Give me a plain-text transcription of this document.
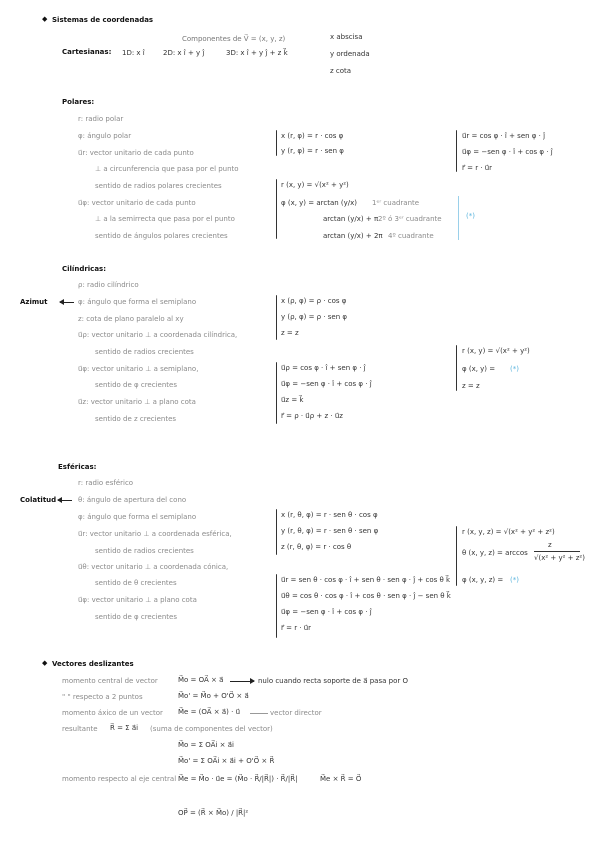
◆ Sistemas de coordenadas
Componentes de V⃗ = (x, y, z)
Cartesianas: 1D: x î	2D: x î + y ĵ	3D: x î + y ĵ + z k⃗
x abscisa
y ordenada
z cota
Polares:
r: radio polar
φ: ángulo polar
u⃗r: vector unitario de cada punto
⊥ a circunferencia que pasa por el punto
sentido de radios polares crecientes
u⃗φ: vector unitario de cada punto
⊥ a la semirrecta que pasa por el punto
sentido de ángulos polares crecientes
x (r, φ) = r · cos φ
y (r, φ) = r · sen φ
r (x, y) = √(x² + y²)
φ (x, y) = arctan (y/x) 1ᵉʳ cuadrante
arctan (y/x) + π 2º ó 3ᵉʳ cuadrante
arctan (y/x) + 2π 4º cuadrante
(*)
u⃗r = cos φ · î + sen φ · ĵ
u⃗φ = −sen φ · î + cos φ · ĵ
r⃗ = r · u⃗r
Cilíndricas:
Azimut
ρ: radio cilíndrico
φ: ángulo que forma el semiplano
z: cota de plano paralelo al xy
u⃗ρ: vector unitario ⊥ a coordenada cilíndrica,
sentido de radios crecientes
u⃗φ: vector unitario ⊥ a semiplano,
sentido de φ crecientes
u⃗z: vector unitario ⊥ a plano cota
sentido de z crecientes
x (ρ, φ) = ρ · cos φ
y (ρ, φ) = ρ · sen φ
z = z
u⃗ρ = cos φ · î + sen φ · ĵ
u⃗φ = −sen φ · î + cos φ · ĵ
u⃗z = k⃗
r⃗ = ρ · u⃗ρ + z · u⃗z
r (x, y) = √(x² + y²)
φ (x, y) = (*)
z = z
Esféricas:
Colatitud
r: radio esférico
θ: ángulo de apertura del cono
φ: ángulo que forma el semiplano
u⃗r: vector unitario ⊥ a coordenada esférica,
sentido de radios crecientes
u⃗θ: vector unitario ⊥ a coordenada cónica,
sentido de θ crecientes
u⃗φ: vector unitario ⊥ a plano cota
sentido de φ crecientes
x (r, θ, φ) = r · sen θ · cos φ
y (r, θ, φ) = r · sen θ · sen φ
z (r, θ, φ) = r · cos θ
u⃗r = sen θ · cos φ · î + sen θ · sen φ · ĵ + cos θ k⃗
u⃗θ = cos θ · cos φ · î + cos θ · sen φ · ĵ − sen θ k⃗
u⃗φ = −sen φ · î + cos φ · ĵ
r⃗ = r · u⃗r
r (x, y, z) = √(x² + y² + z²)
θ (x, y, z) = arccos
z
√(x² + y² + z²)
φ (x, y, z) = (*)
◆ Vectores deslizantes
momento central de vector	M⃗o = OA⃗ × a⃗	nulo cuando recta soporte de a⃗ pasa por O
" " respecto a 2 puntos	M⃗o' = M⃗o + O'O⃗ × a⃗
momento áxico de un vector M⃗e = (OA⃗ × a⃗) · u⃗	vector director
resultante R⃗ = Σ a⃗i (suma de componentes del vector)
M⃗o = Σ OA⃗i × a⃗i
M⃗o' = Σ OA⃗i × a⃗i + O'O⃗ × R⃗
momento respecto al eje central M⃗e = M⃗o · u⃗e = (M⃗o · R⃗/|R⃗|) · R⃗/|R⃗|	M⃗e × R⃗ = O⃗
OP⃗ = (R⃗ × M⃗o) / |R⃗|²
